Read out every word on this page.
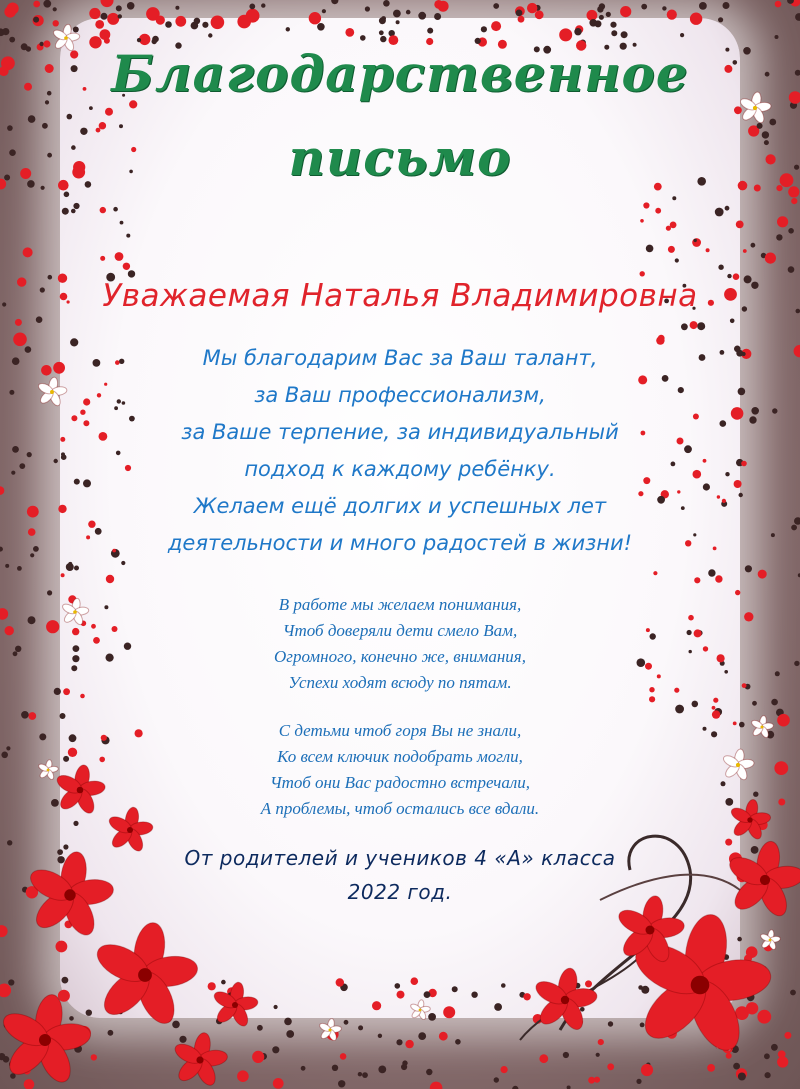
Благодарственное
письмо
Уважаемая Наталья Владимировна
Мы благодарим Вас за Ваш талант,
за Ваш профессионализм,
за Ваше терпение, за индивидуальный
подход к каждому ребёнку.
Желаем ещё долгих и успешных лет
деятельности и много радостей в жизни!
В работе мы желаем понимания,
Чтоб доверяли дети смело Вам,
Огромного, конечно же, внимания,
Успехи ходят всюду по пятам.
С детьми чтоб горя Вы не знали,
Ко всем ключик подобрать могли,
Чтоб они Вас радостно встречали,
А проблемы, чтоб остались все вдали.
От родителей и учеников 4 «А» класса
2022 год.
